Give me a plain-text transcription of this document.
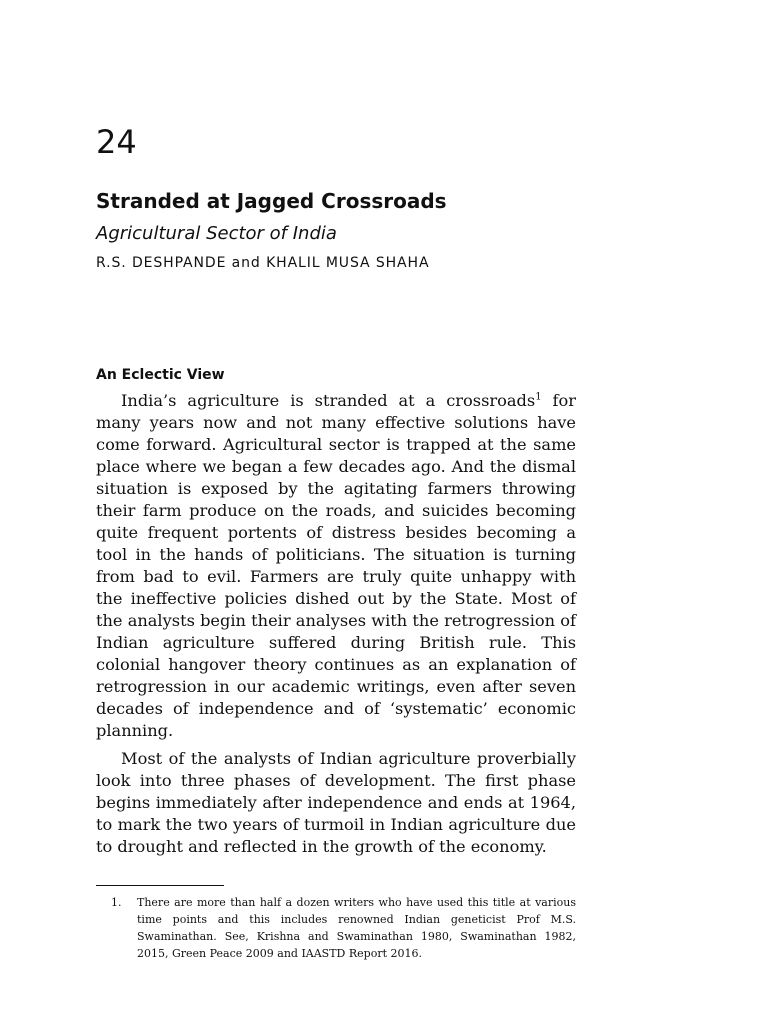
24
Stranded at Jagged Crossroads
Agricultural Sector of India
R.S. DESHPANDE and KHALIL MUSA SHAHA
An Eclectic View

India’s agriculture is stranded at a crossroads$^1$ for many years now and not many effective solutions have come forward. Agricultural sector is trapped at the same place where we began a few decades ago. And the dismal situation is exposed by the agitating farmers throwing their farm produce on the roads, and suicides becoming quite frequent portents of distress besides becoming a tool in the hands of politicians. The situation is turning from bad to evil. Farmers are truly quite unhappy with the ineffective policies dished out by the State. Most of the analysts begin their analyses with the retrogression of Indian agriculture suffered during British rule. This colonial hangover theory continues as an explanation of retrogression in our academic writings, even after seven decades of independence and of ‘systematic’ economic planning.

Most of the analysts of Indian agriculture proverbially look into three phases of development. The first phase begins immediately after independence and ends at 1964, to mark the two years of turmoil in Indian agriculture due to drought and reflected in the growth of the economy.

1. There are more than half a dozen writers who have used this title at various time points and this includes renowned Indian geneticist Prof M.S. Swaminathan. See, Krishna and Swaminathan 1980, Swaminathan 1982, 2015, Green Peace 2009 and IAASTD Report 2016.
